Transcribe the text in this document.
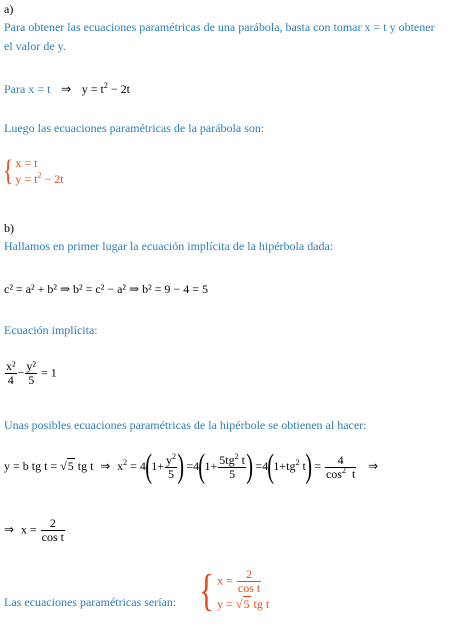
a)
Para obtener las ecuaciones paramétricas de una parábola, basta con tomar x = t y obtener
el valor de y.
Para x = t   ⇒   $y = t^2 - 2t$
Luego las ecuaciones paramétricas de la parábola son:
{ x = t
$y = t^2 - 2t$
b)
Hallamos en primer lugar la ecuación implícita de la hipérbola dada:
c² = a² + b² ⇒ b² = c² − a² ⇒ b² = 9 − 4 = 5
Ecuación implícita:
$\frac{\text{x²}}{4} - \frac{\text{y²}}{5} = 1$
Unas posibles ecuaciones paramétricas de la hipérbole se obtienen al hacer:
y = b tg t = √5 tg t  ⇒  $x^2 = 4(1+ \frac{y^2}{5}$ ) $=4(1+ \frac{5tg^2 t}{5}$ ) $=4(1+tg^2$ $t) = \frac{4}{\cos^2 t}$ ⇒
⇒  $x = \frac{2}{\text{cos t}}$
Las ecuaciones paramétricas serían: { $x = \frac{2}{\text{cos t}}$
y = √5 tg t
